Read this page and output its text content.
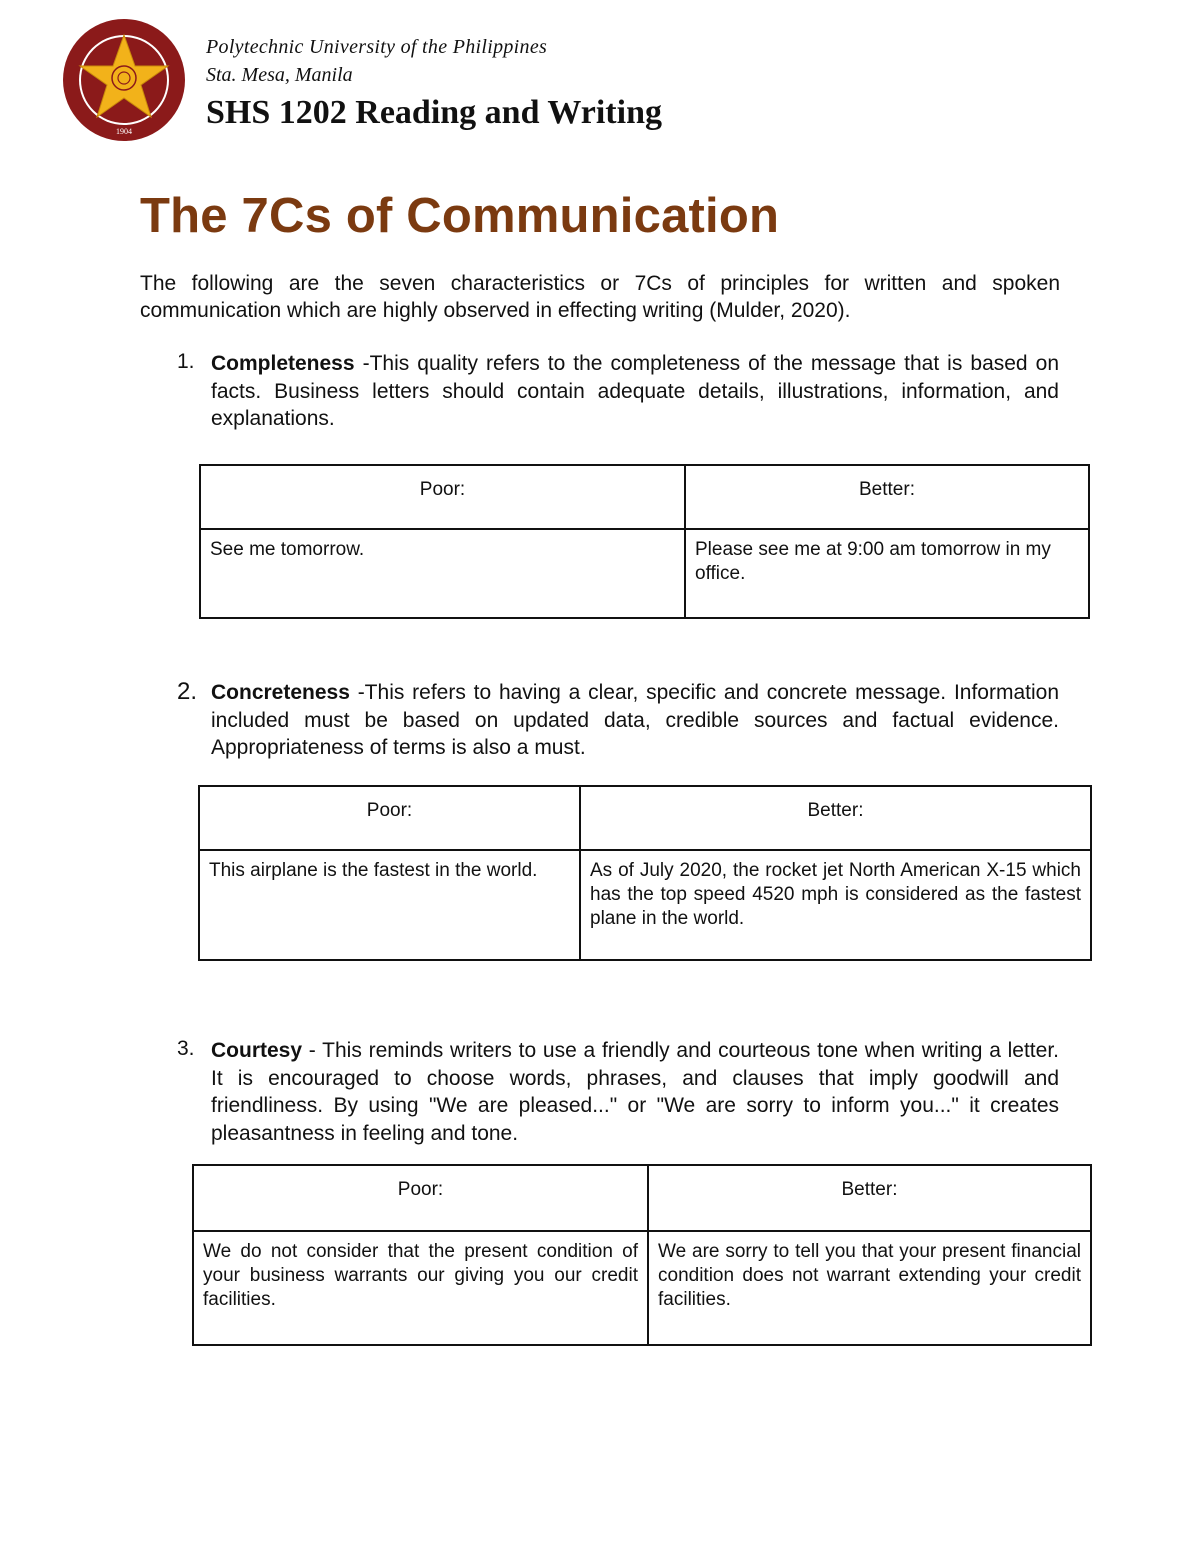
1904
Polytechnic University of the Philippines
Sta. Mesa, Manila
SHS 1202 Reading and Writing
The 7Cs of Communication
The following are the seven characteristics or 7Cs of principles for written and spoken communication which are highly observed in effecting writing (Mulder, 2020).
1. Completeness -This quality refers to the completeness of the message that is based on facts. Business letters should contain adequate details, illustrations, information, and explanations.
Poor:	Better:
See me tomorrow.	Please see me at 9:00 am tomorrow in my office.
2. Concreteness -This refers to having a clear, specific and concrete message. Information included must be based on updated data, credible sources and factual evidence. Appropriateness of terms is also a must.
Poor:	Better:
This airplane is the fastest in the world.	As of July 2020, the rocket jet North American X-15 which has the top speed 4520 mph is considered as the fastest plane in the world.
3. Courtesy - This reminds writers to use a friendly and courteous tone when writing a letter. It is encouraged to choose words, phrases, and clauses that imply goodwill and friendliness. By using "We are pleased..." or "We are sorry to inform you..." it creates pleasantness in feeling and tone.
Poor:	Better:
We do not consider that the present condition of your business warrants our giving you our credit facilities.	We are sorry to tell you that your present financial condition does not warrant extending your credit facilities.
